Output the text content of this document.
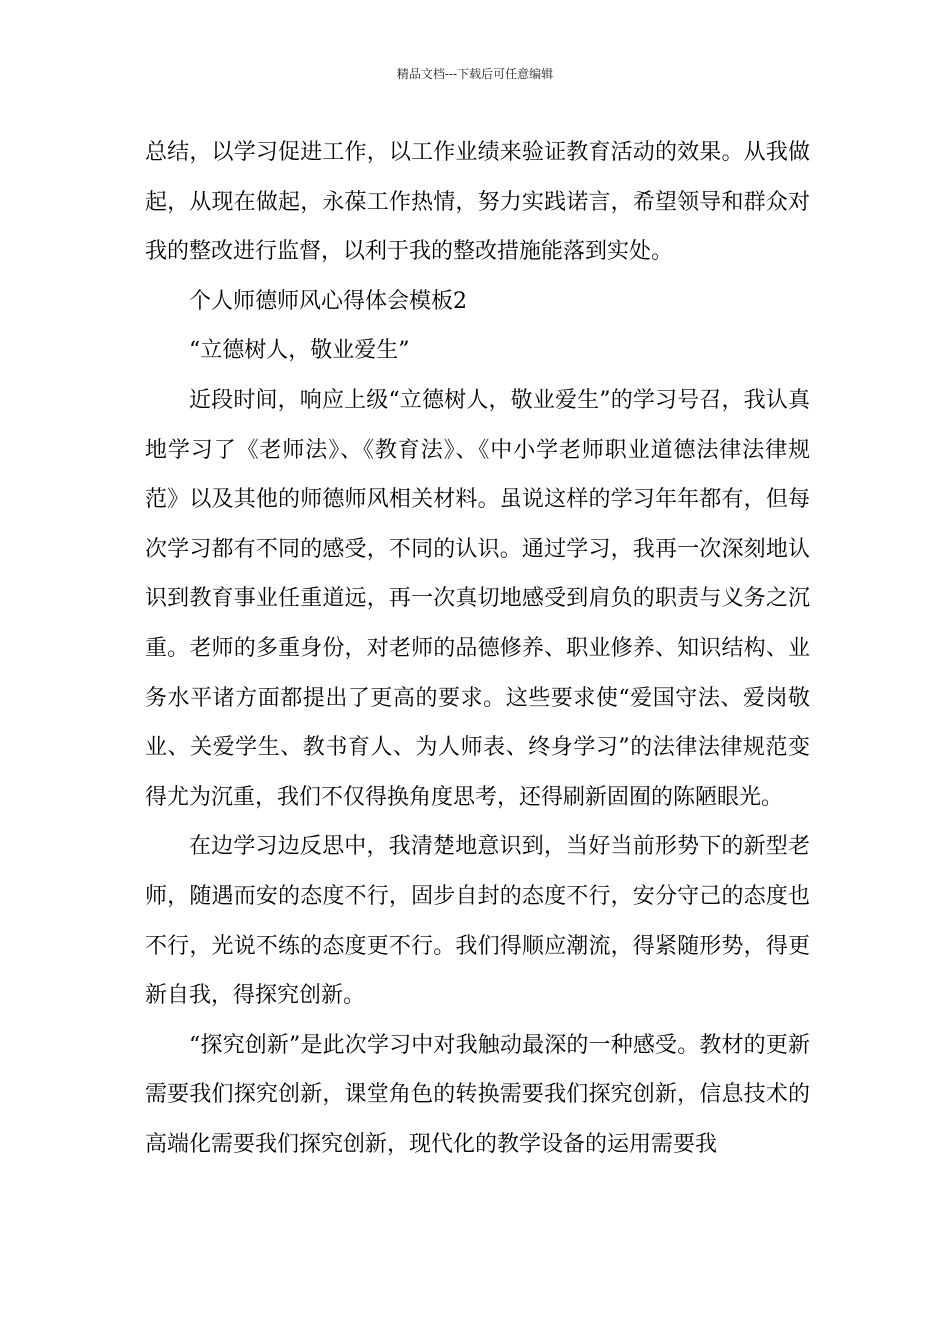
精品文档---下载后可任意编辑

总结，以学习促进工作，以工作业绩来验证教育活动的效果。从我做起，从现在做起，永葆工作热情，努力实践诺言，希望领导和群众对我的整改进行监督，以利于我的整改措施能落到实处。

个人师德师风心得体会模板2

“立德树人，敬业爱生”

近段时间，响应上级“立德树人，敬业爱生”的学习号召，我认真地学习了《老师法》、《教育法》、《中小学老师职业道德法律法律规范》以及其他的师德师风相关材料。虽说这样的学习年年都有，但每次学习都有不同的感受，不同的认识。通过学习，我再一次深刻地认识到教育事业任重道远，再一次真切地感受到肩负的职责与义务之沉重。老师的多重身份，对老师的品德修养、职业修养、知识结构、业务水平诸方面都提出了更高的要求。这些要求使“爱国守法、爱岗敬业、关爱学生、教书育人、为人师表、终身学习”的法律法律规范变得尤为沉重，我们不仅得换角度思考，还得刷新固囿的陈陋眼光。

在边学习边反思中，我清楚地意识到，当好当前形势下的新型老师，随遇而安的态度不行，固步自封的态度不行，安分守己的态度也不行，光说不练的态度更不行。我们得顺应潮流，得紧随形势，得更新自我，得探究创新。

“探究创新”是此次学习中对我触动最深的一种感受。教材的更新需要我们探究创新，课堂角色的转换需要我们探究创新，信息技术的高端化需要我们探究创新，现代化的教学设备的运用需要我
